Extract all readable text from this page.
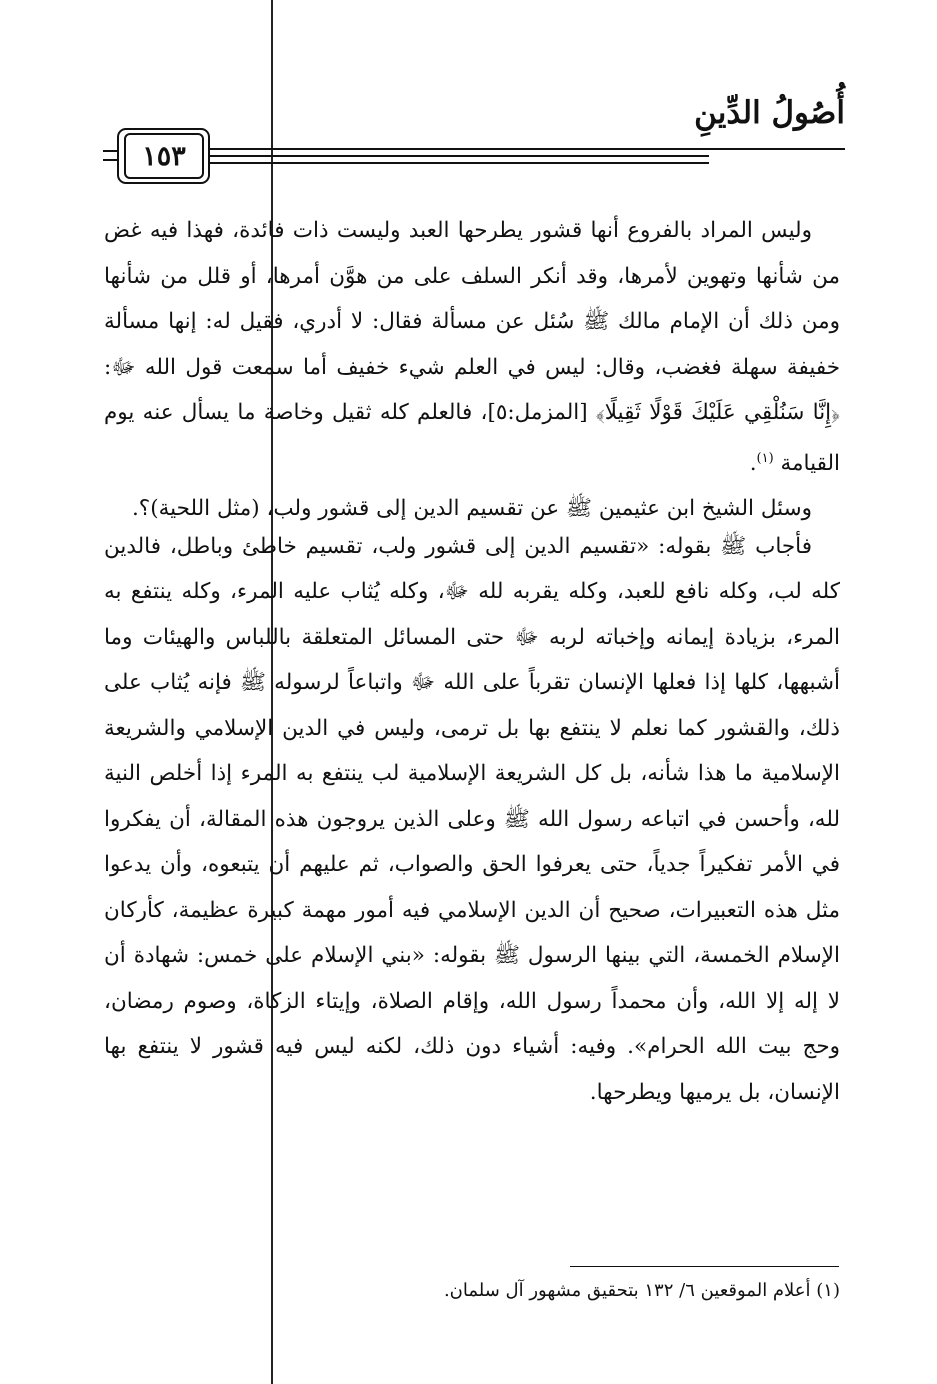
أُصُولُ الدِّينِ
١٥٣

وليس المراد بالفروع أنها قشور يطرحها العبد وليست ذات فائدة، فهذا فيه غض من شأنها وتهوين لأمرها، وقد أنكر السلف على من هوَّن أمرها، أو قلل من شأنها ومن ذلك أن الإمام مالك ﷺ سُئل عن مسألة فقال: لا أدري، فقيل له: إنها مسألة خفيفة سهلة فغضب، وقال: ليس في العلم شيء خفيف أما سمعت قول الله ﷻ: ﴿إِنَّا سَنُلْقِي عَلَيْكَ قَوْلًا ثَقِيلًا﴾ [المزمل:٥]، فالعلم كله ثقيل وخاصة ما يسأل عنه يوم القيامة $^{(١)}$.

وسئل الشيخ ابن عثيمين ﷺ عن تقسيم الدين إلى قشور ولب، (مثل اللحية)؟.

فأجاب ﷺ بقوله: «تقسيم الدين إلى قشور ولب، تقسيم خاطئ وباطل، فالدين كله لب، وكله نافع للعبد، وكله يقربه لله ﷻ، وكله يُثاب عليه المرء، وكله ينتفع به المرء، بزيادة إيمانه وإخباته لربه ﷻ حتى المسائل المتعلقة باللباس والهيئات وما أشبهها، كلها إذا فعلها الإنسان تقرباً على الله ﷻ واتباعاً لرسوله ﷺ فإنه يُثاب على ذلك، والقشور كما نعلم لا ينتفع بها بل ترمى، وليس في الدين الإسلامي والشريعة الإسلامية ما هذا شأنه، بل كل الشريعة الإسلامية لب ينتفع به المرء إذا أخلص النية لله، وأحسن في اتباعه رسول الله ﷺ وعلى الذين يروجون هذه المقالة، أن يفكروا في الأمر تفكيراً جدياً، حتى يعرفوا الحق والصواب، ثم عليهم أن يتبعوه، وأن يدعوا مثل هذه التعبيرات، صحيح أن الدين الإسلامي فيه أمور مهمة كبيرة عظيمة، كأركان الإسلام الخمسة، التي بينها الرسول ﷺ بقوله: «بني الإسلام على خمس: شهادة أن لا إله إلا الله، وأن محمداً رسول الله، وإقام الصلاة، وإيتاء الزكاة، وصوم رمضان، وحج بيت الله الحرام». وفيه: أشياء دون ذلك، لكنه ليس فيه قشور لا ينتفع بها الإنسان، بل يرميها ويطرحها.

(١) أعلام الموقعين ٦/ ١٣٢ بتحقيق مشهور آل سلمان.
